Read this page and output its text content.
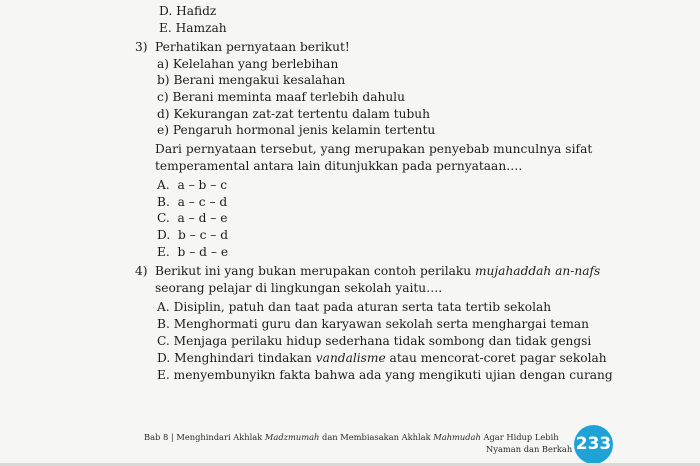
D. Hafidz
E. Hamzah
3) Perhatikan pernyataan berikut!
a) Kelelahan yang berlebihan
b) Berani mengakui kesalahan
c) Berani meminta maaf terlebih dahulu
d) Kekurangan zat-zat tertentu dalam tubuh
e) Pengaruh hormonal jenis kelamin tertentu
Dari pernyataan tersebut, yang merupakan penyebab munculnya sifat
temperamental antara lain ditunjukkan pada pernyataan….
A. a – b – c
B. a – c – d
C. a – d – e
D. b – c – d
E. b – d – e
4) Berikut ini yang bukan merupakan contoh perilaku mujahaddah an-nafs
seorang pelajar di lingkungan sekolah yaitu….
A. Disiplin, patuh dan taat pada aturan serta tata tertib sekolah
B. Menghormati guru dan karyawan sekolah serta menghargai teman
C. Menjaga perilaku hidup sederhana tidak sombong dan tidak gengsi
D. Menghindari tindakan vandalisme atau mencorat-coret pagar sekolah
E. menyembunyikn fakta bahwa ada yang mengikuti ujian dengan curang
Bab 8 | Menghindari Akhlak Madzmumah dan Membiasakan Akhlak Mahmudah Agar Hidup Lebih
Nyaman dan Berkah 233
